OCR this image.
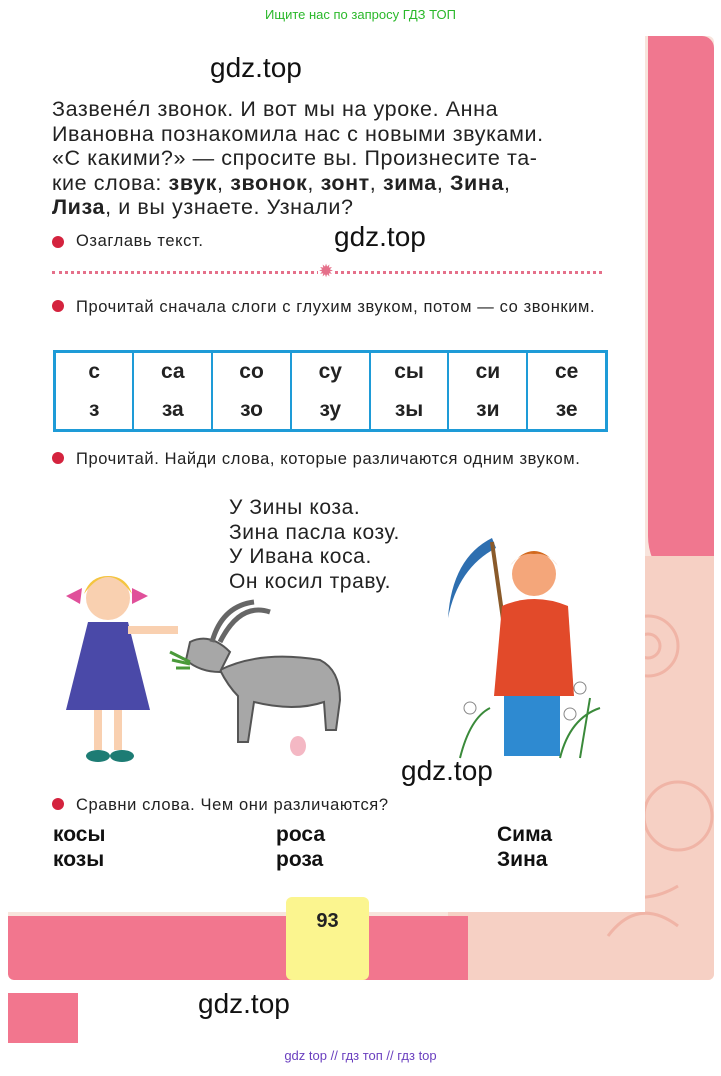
Ищите нас по запросу ГДЗ ТОП
gdz.top
Зазвенéл звонок. И вот мы на уроке. Анна
Ивановна познакомила нас с новыми звуками.
«С какими?» — спросите вы. Произнесите та-
кие слова: звук, звонок, зонт, зима, Зина,
Лиза, и вы узнаете. Узнали?
Озаглавь текст.	gdz.top
✹
Прочитай сначала слоги с глухим звуком, потом — со звонким.
с	са	со	су	сы	си	се
з	за	зо	зу	зы	зи	зе
Прочитай. Найди слова, которые различаются одним звуком.
У Зины коза.
Зина пасла козу.
У Ивана коса.
Он косил траву.
gdz.top
Сравни слова. Чем они различаются?
косы
козы
роса
роза
Сима
Зина
93
gdz.top
gdz top // гдз топ // гдз top
